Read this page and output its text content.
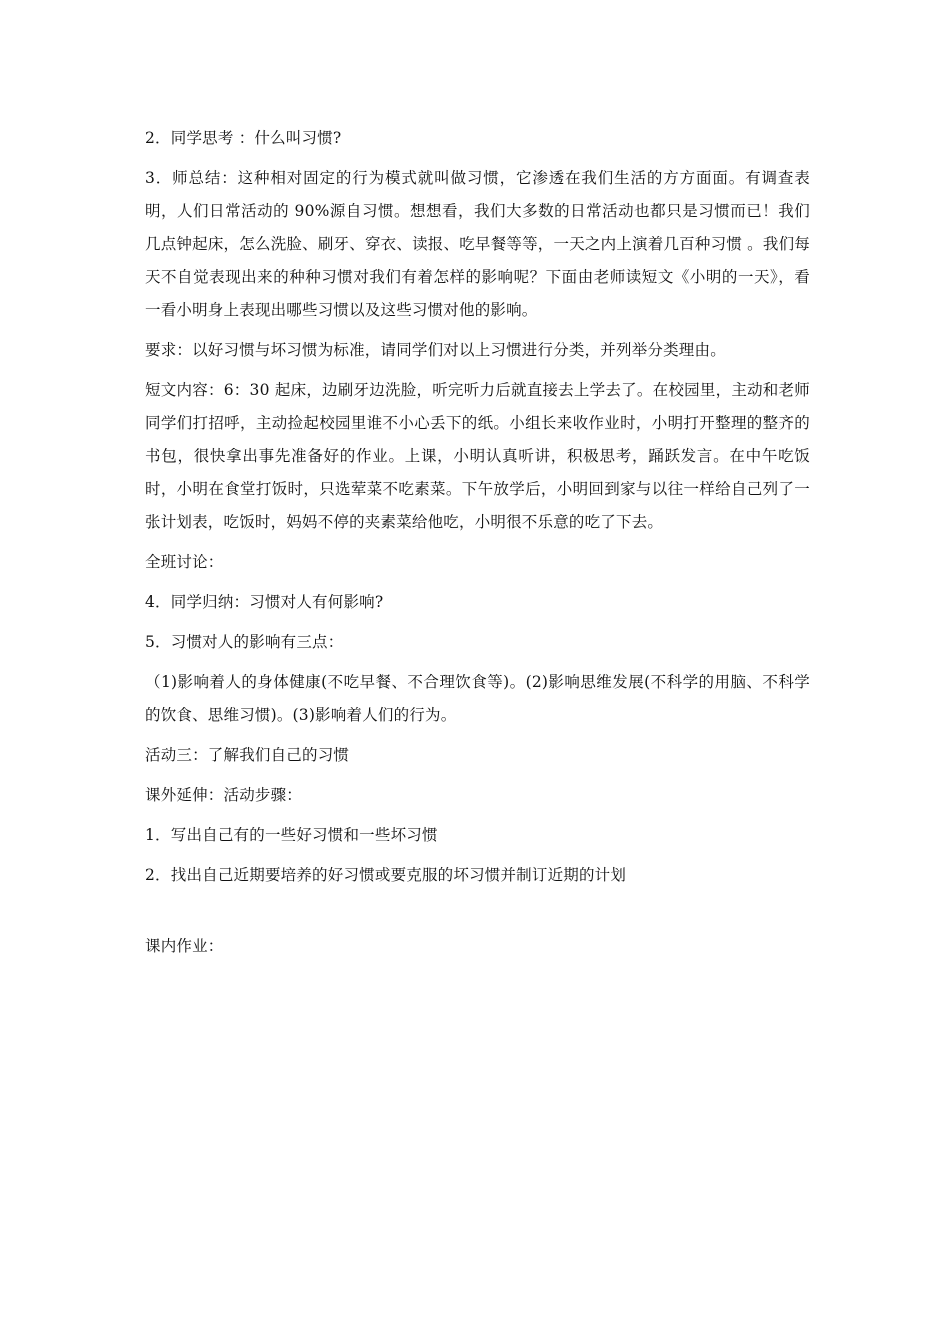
2．同学思考 ：什么叫习惯?

3．师总结：这种相对固定的行为模式就叫做习惯，它渗透在我们生活的方方面面。有调查表明，人们日常活动的 90%源自习惯。想想看，我们大多数的日常活动也都只是习惯而已！我们几点钟起床，怎么洗脸、刷牙、穿衣、读报、吃早餐等等，一天之内上演着几百种习惯 。我们每天不自觉表现出来的种种习惯对我们有着怎样的影响呢？下面由老师读短文《小明的一天》，看一看小明身上表现出哪些习惯以及这些习惯对他的影响。

要求：以好习惯与坏习惯为标准，请同学们对以上习惯进行分类，并列举分类理由。

短文内容：6：30 起床，边刷牙边洗脸，听完听力后就直接去上学去了。在校园里，主动和老师同学们打招呼，主动捡起校园里谁不小心丢下的纸。小组长来收作业时，小明打开整理的整齐的书包，很快拿出事先准备好的作业。上课，小明认真听讲，积极思考，踊跃发言。在中午吃饭时，小明在食堂打饭时，只选荤菜不吃素菜。下午放学后，小明回到家与以往一样给自己列了一张计划表，吃饭时，妈妈不停的夹素菜给他吃，小明很不乐意的吃了下去。

全班讨论：

4．同学归纳：习惯对人有何影响?

5．习惯对人的影响有三点：

（1)影响着人的身体健康(不吃早餐、不合理饮食等)。(2)影响思维发展(不科学的用脑、不科学的饮食、思维习惯)。(3)影响着人们的行为。

活动三：了解我们自己的习惯

课外延伸：活动步骤：

1．写出自己有的一些好习惯和一些坏习惯

2．找出自己近期要培养的好习惯或要克服的坏习惯并制订近期的计划

课内作业：
